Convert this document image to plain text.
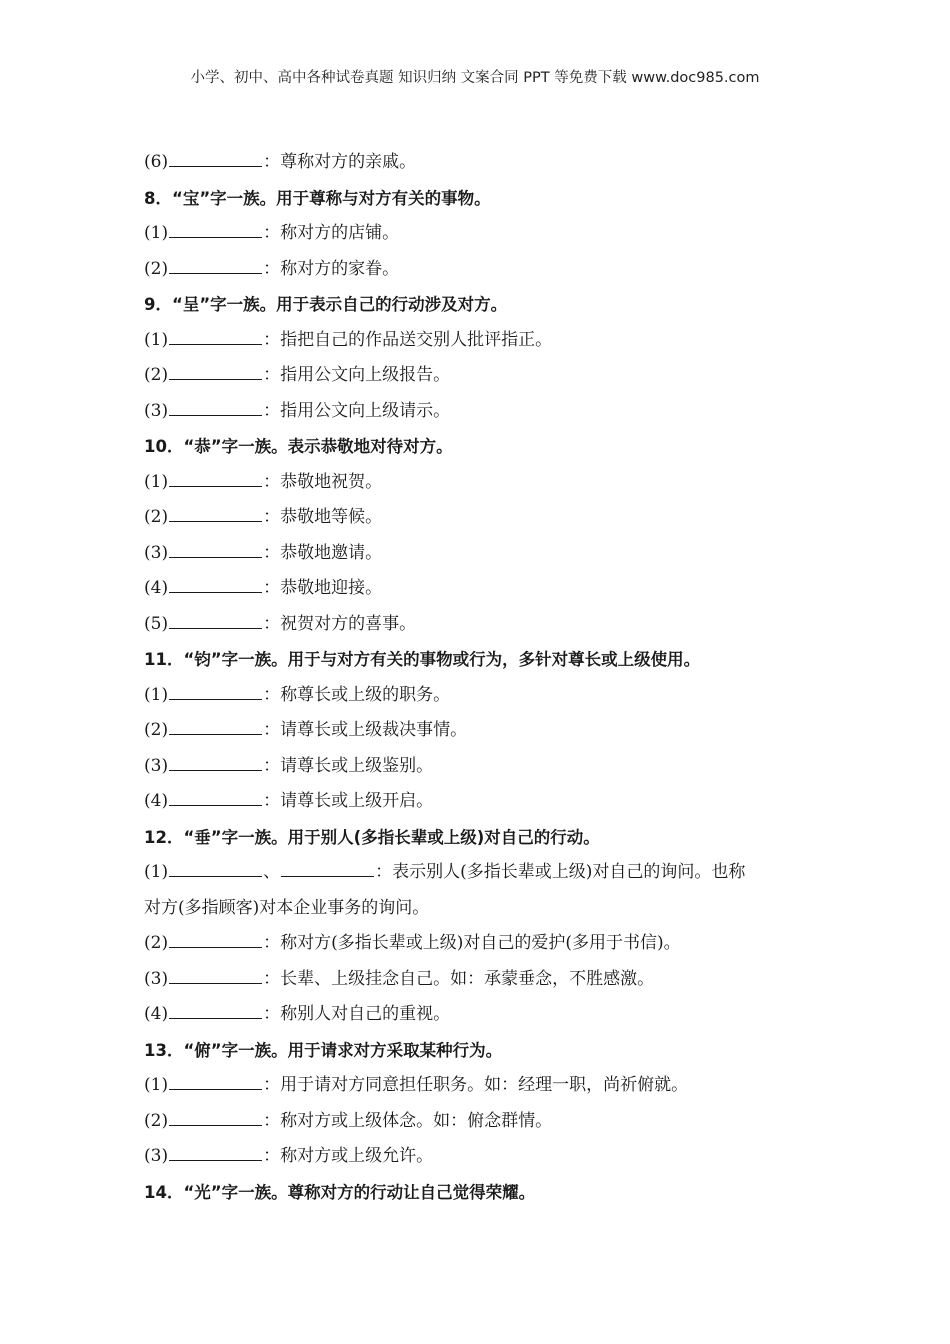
小学、初中、高中各种试卷真题 知识归纳 文案合同 PPT 等免费下载 www.doc985.com
(6)	：尊称对方的亲戚。
8．“宝”字一族。用于尊称与对方有关的事物。
(1)	：称对方的店铺。
(2)	：称对方的家眷。
9．“呈”字一族。用于表示自己的行动涉及对方。
(1)	：指把自己的作品送交别人批评指正。
(2)	：指用公文向上级报告。
(3)	：指用公文向上级请示。
10．“恭”字一族。表示恭敬地对待对方。
(1)	：恭敬地祝贺。
(2)	：恭敬地等候。
(3)	：恭敬地邀请。
(4)	：恭敬地迎接。
(5)	：祝贺对方的喜事。
11．“钧”字一族。用于与对方有关的事物或行为，多针对尊长或上级使用。
(1)	：称尊长或上级的职务。
(2)	：请尊长或上级裁决事情。
(3)	：请尊长或上级鉴别。
(4)	：请尊长或上级开启。
12．“垂”字一族。用于别人(多指长辈或上级)对自己的行动。
(1)	、	：表示别人(多指长辈或上级)对自己的询问。也称
对方(多指顾客)对本企业事务的询问。
(2)	：称对方(多指长辈或上级)对自己的爱护(多用于书信)。
(3)	：长辈、上级挂念自己。如：承蒙垂念，不胜感激。
(4)	：称别人对自己的重视。
13．“俯”字一族。用于请求对方采取某种行为。
(1)	：用于请对方同意担任职务。如：经理一职，尚祈俯就。
(2)	：称对方或上级体念。如：俯念群情。
(3)	：称对方或上级允许。
14．“光”字一族。尊称对方的行动让自己觉得荣耀。
